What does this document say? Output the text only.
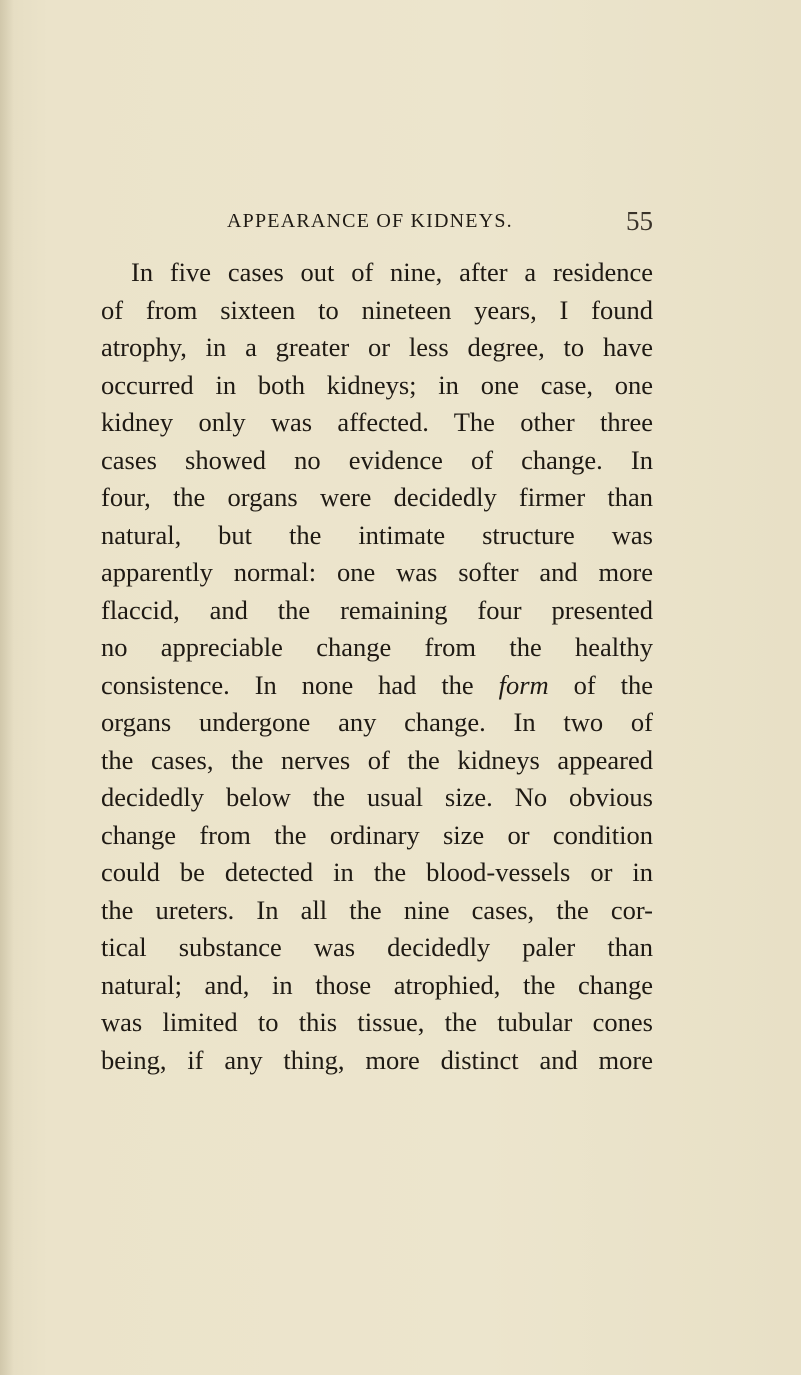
APPEARANCE OF KIDNEYS.	55
In five cases out of nine, after a residence
of from sixteen to nineteen years, I found
atrophy, in a greater or less degree, to have
occurred in both kidneys; in one case, one
kidney only was affected. The other three
cases showed no evidence of change. In
four, the organs were decidedly firmer than
natural, but the intimate structure was
apparently normal: one was softer and more
flaccid, and the remaining four presented
no appreciable change from the healthy
consistence. In none had the form of the
organs undergone any change. In two of
the cases, the nerves of the kidneys appeared
decidedly below the usual size. No obvious
change from the ordinary size or condition
could be detected in the blood-vessels or in
the ureters. In all the nine cases, the cor-
tical substance was decidedly paler than
natural; and, in those atrophied, the change
was limited to this tissue, the tubular cones
being, if any thing, more distinct and more
